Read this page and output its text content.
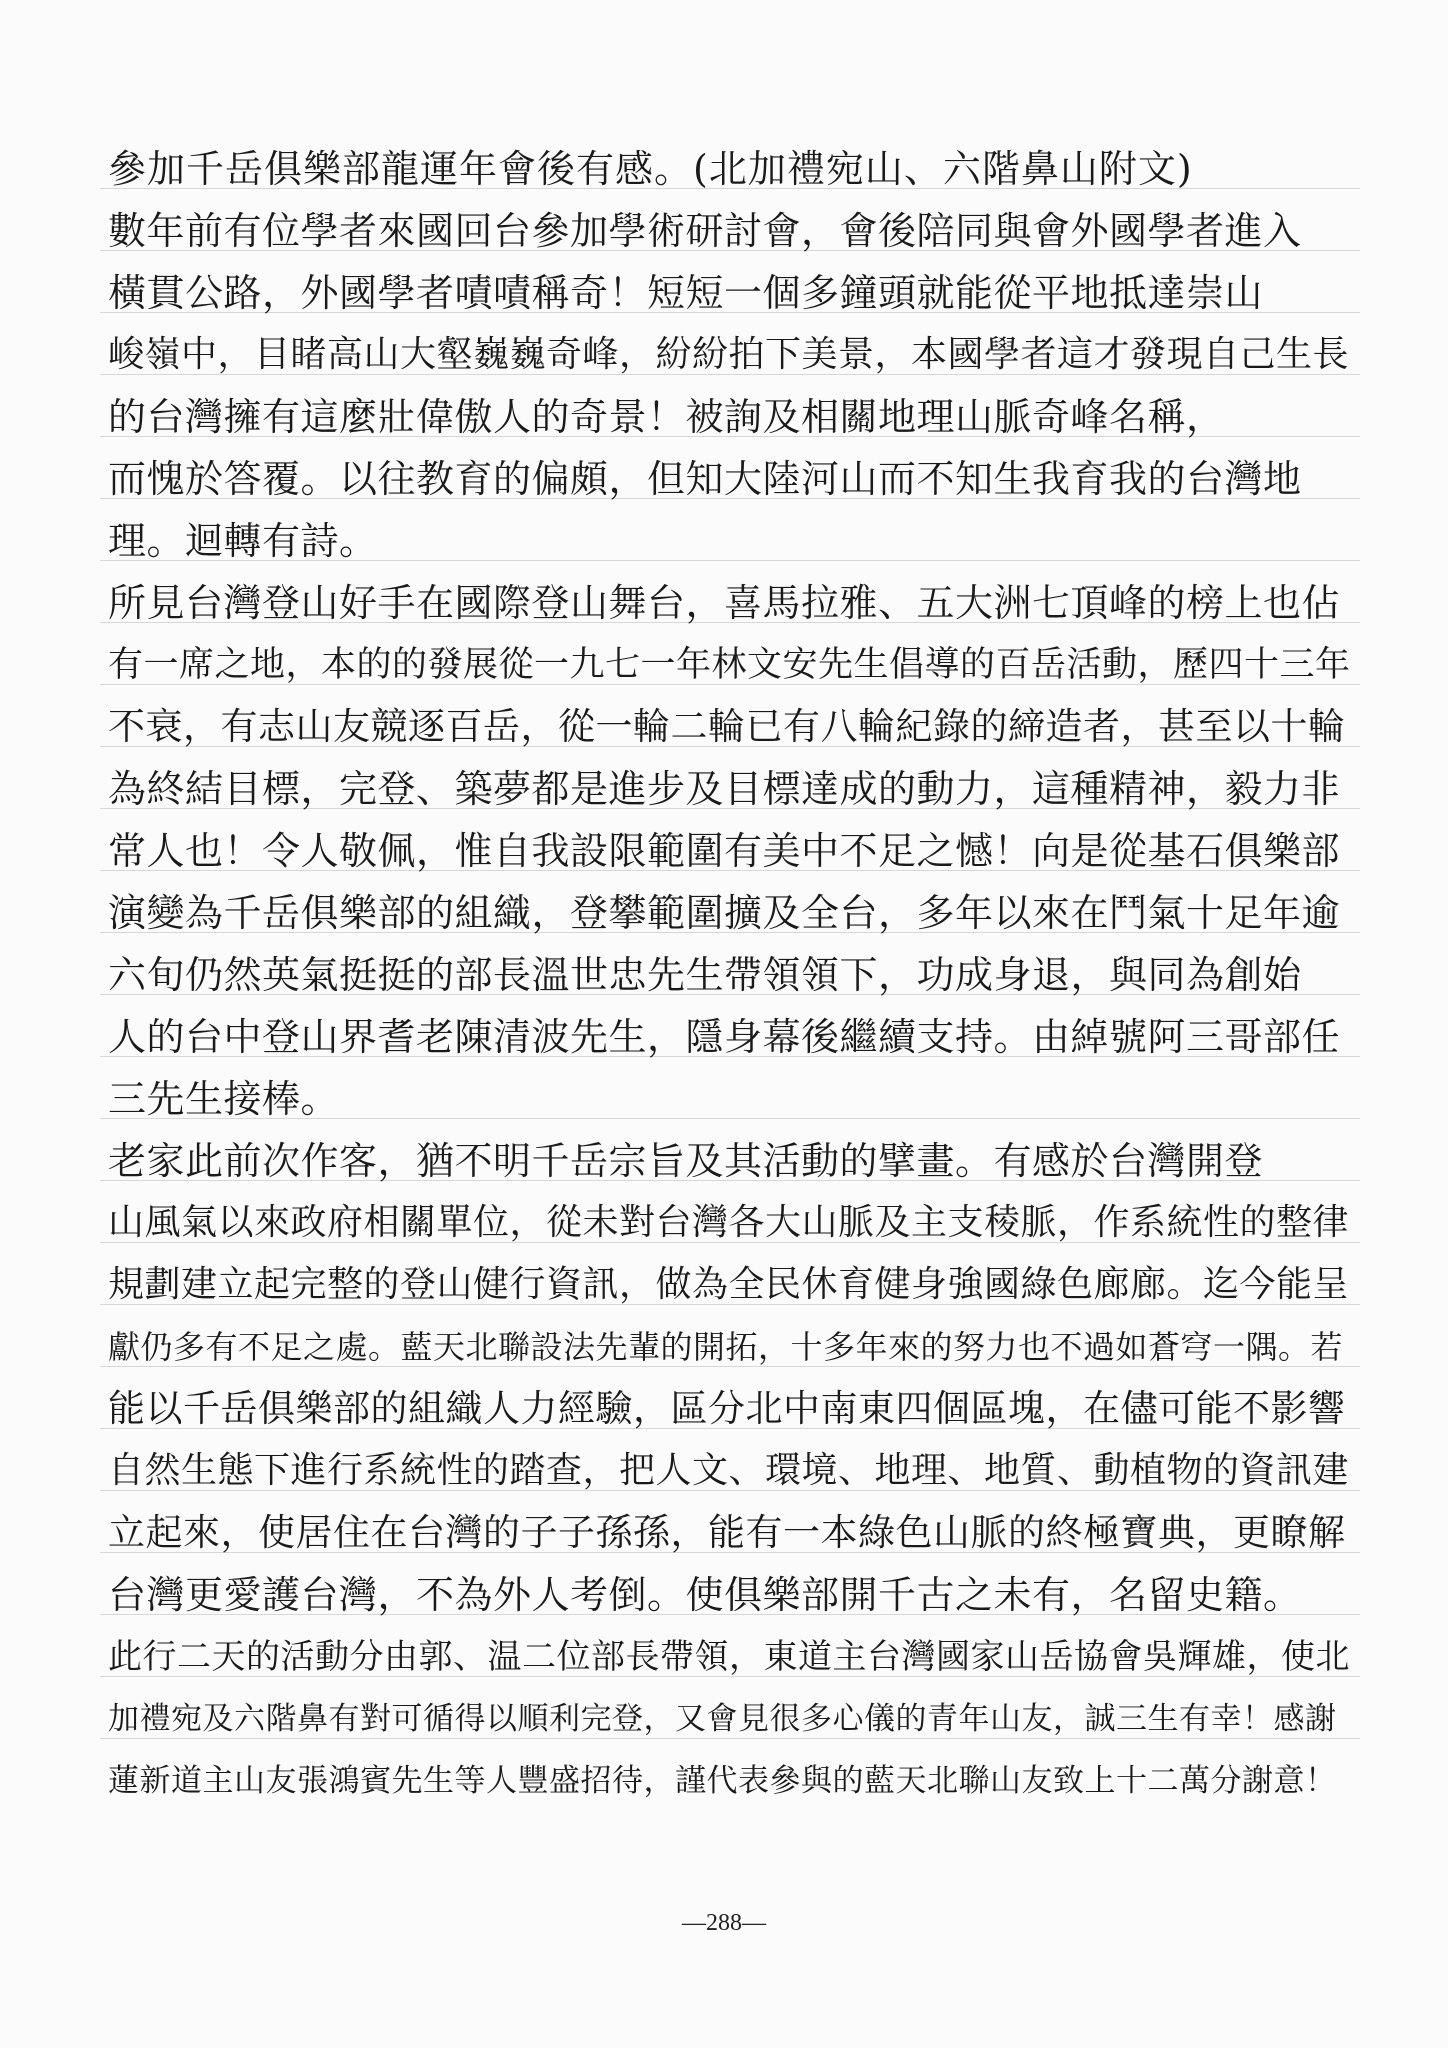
參加千岳俱樂部龍運年會後有感。(北加禮宛山、六階鼻山附文)
數年前有位學者來國回台參加學術研討會，會後陪同與會外國學者進入
橫貫公路，外國學者嘖嘖稱奇！短短一個多鐘頭就能從平地抵達崇山
峻嶺中，目睹高山大壑巍巍奇峰，紛紛拍下美景，本國學者這才發現自己生長
的台灣擁有這麼壯偉傲人的奇景！被詢及相關地理山脈奇峰名稱，
而愧於答覆。以往教育的偏頗，但知大陸河山而不知生我育我的台灣地
理。迴轉有詩。
所見台灣登山好手在國際登山舞台，喜馬拉雅、五大洲七頂峰的榜上也佔
有一席之地，本的的發展從一九七一年林文安先生倡導的百岳活動，歷四十三年
不衰，有志山友競逐百岳，從一輪二輪已有八輪紀錄的締造者，甚至以十輪
為終結目標，完登、築夢都是進步及目標達成的動力，這種精神，毅力非
常人也！令人敬佩，惟自我設限範圍有美中不足之憾！向是從基石俱樂部
演變為千岳俱樂部的組織，登攀範圍擴及全台，多年以來在鬥氣十足年逾
六旬仍然英氣挺挺的部長溫世忠先生帶領領下，功成身退，與同為創始
人的台中登山界耆老陳清波先生，隱身幕後繼續支持。由綽號阿三哥部任
三先生接棒。
老家此前次作客，猶不明千岳宗旨及其活動的擘畫。有感於台灣開登
山風氣以來政府相關單位，從未對台灣各大山脈及主支稜脈，作系統性的整律
規劃建立起完整的登山健行資訊，做為全民休育健身強國綠色廊廊。迄今能呈
獻仍多有不足之處。藍天北聯設法先輩的開拓，十多年來的努力也不過如蒼穹一隅。若
能以千岳俱樂部的組織人力經驗，區分北中南東四個區塊，在儘可能不影響
自然生態下進行系統性的踏查，把人文、環境、地理、地質、動植物的資訊建
立起來，使居住在台灣的子子孫孫，能有一本綠色山脈的終極寶典，更瞭解
台灣更愛護台灣，不為外人考倒。使俱樂部開千古之未有，名留史籍。
此行二天的活動分由郭、温二位部長帶領，東道主台灣國家山岳協會吳輝雄，使北
加禮宛及六階鼻有對可循得以順利完登，又會見很多心儀的青年山友，誠三生有幸！感謝
蓮新道主山友張鴻賓先生等人豐盛招待，謹代表參與的藍天北聯山友致上十二萬分謝意！
—288—
